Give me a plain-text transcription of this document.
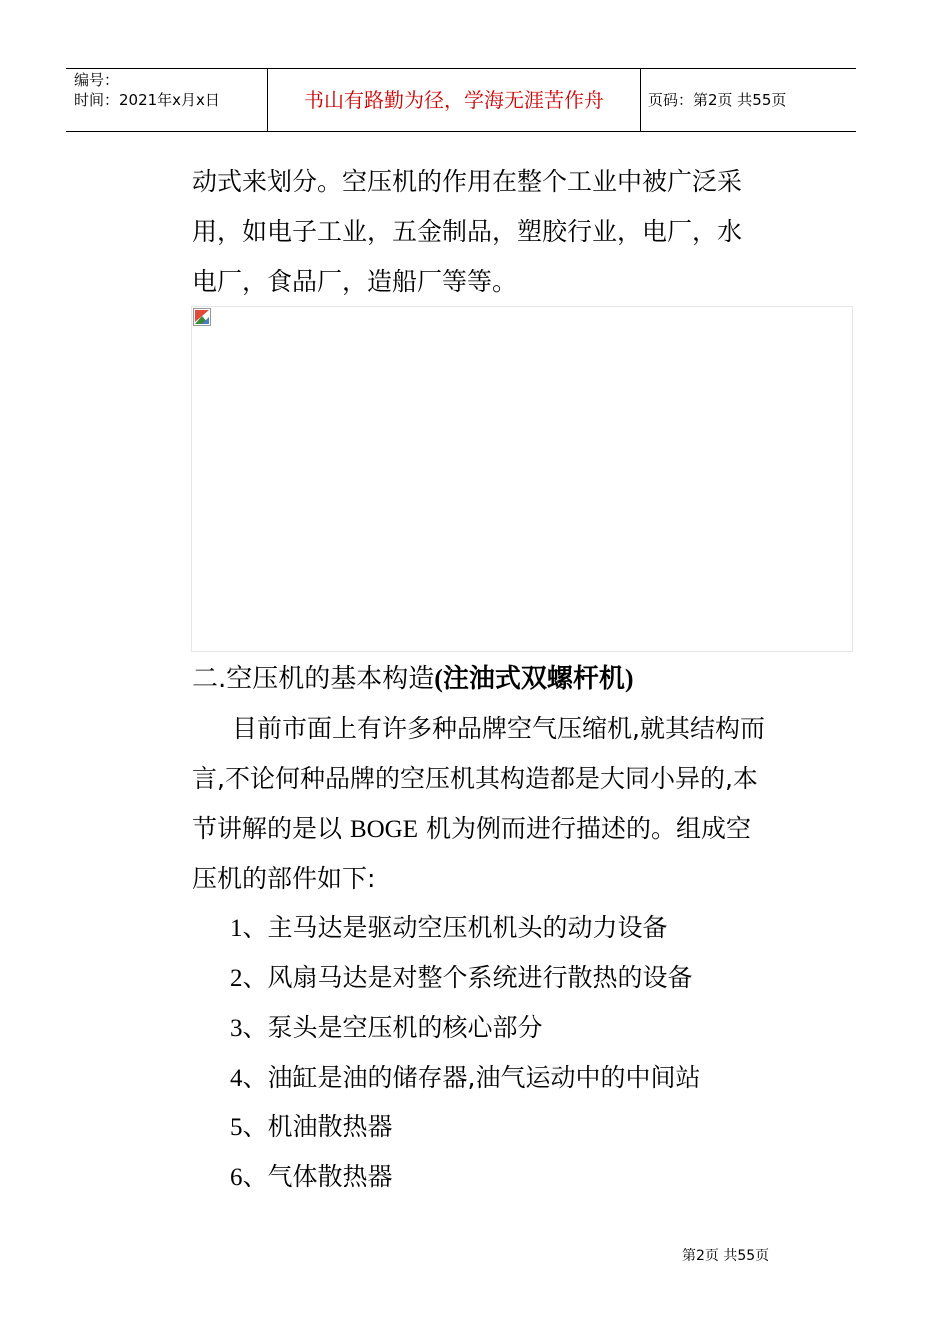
编号：
时间：2021年x月x日	书山有路勤为径，学海无涯苦作舟	页码：第2页 共55页

动式来划分。空压机的作用在整个工业中被广泛采

用，如电子工业，五金制品，塑胶行业，电厂，水

电厂，食品厂，造船厂等等。

二.空压机的基本构造(注油式双螺杆机)
目前市面上有许多种品牌空气压缩机,就其结构而
言,不论何种品牌的空压机其构造都是大同小异的,本
节讲解的是以 BOGE 机为例而进行描述的。组成空
压机的部件如下:
1、主马达是驱动空压机机头的动力设备
2、风扇马达是对整个系统进行散热的设备
3、泵头是空压机的核心部分
4、油缸是油的储存器,油气运动中的中间站
5、机油散热器
6、气体散热器
第2页 共55页
